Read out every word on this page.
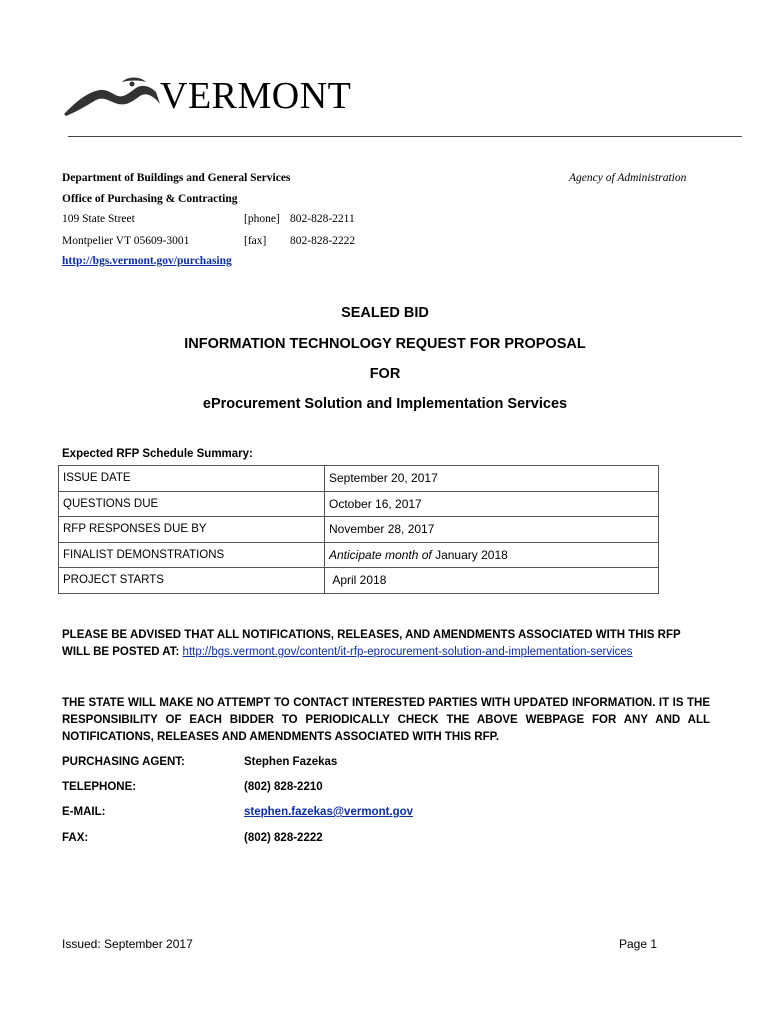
VERMONT
Department of Buildings and General Services	Agency of Administration
Office of Purchasing & Contracting
109 State Street	[phone] 802-828-2211
Montpelier VT 05609-3001	[fax] 802-828-2222
http://bgs.vermont.gov/purchasing
SEALED BID
INFORMATION TECHNOLOGY REQUEST FOR PROPOSAL
FOR
eProcurement Solution and Implementation Services
Expected RFP Schedule Summary:
ISSUE DATE	September 20, 2017
QUESTIONS DUE	October 16, 2017
RFP RESPONSES DUE BY	November 28, 2017
FINALIST DEMONSTRATIONS	Anticipate month of January 2018
PROJECT STARTS	April 2018
PLEASE BE ADVISED THAT ALL NOTIFICATIONS, RELEASES, AND AMENDMENTS ASSOCIATED WITH THIS RFP WILL BE POSTED AT: http://bgs.vermont.gov/content/it-rfp-eprocurement-solution-and-implementation-services
THE STATE WILL MAKE NO ATTEMPT TO CONTACT INTERESTED PARTIES WITH UPDATED INFORMATION. IT IS THE RESPONSIBILITY OF EACH BIDDER TO PERIODICALLY CHECK THE ABOVE WEBPAGE FOR ANY AND ALL NOTIFICATIONS, RELEASES AND AMENDMENTS ASSOCIATED WITH THIS RFP.
PURCHASING AGENT:	Stephen Fazekas
TELEPHONE:	(802) 828-2210
E-MAIL:	stephen.fazekas@vermont.gov
FAX:	(802) 828-2222
Issued: September 2017	Page 1
